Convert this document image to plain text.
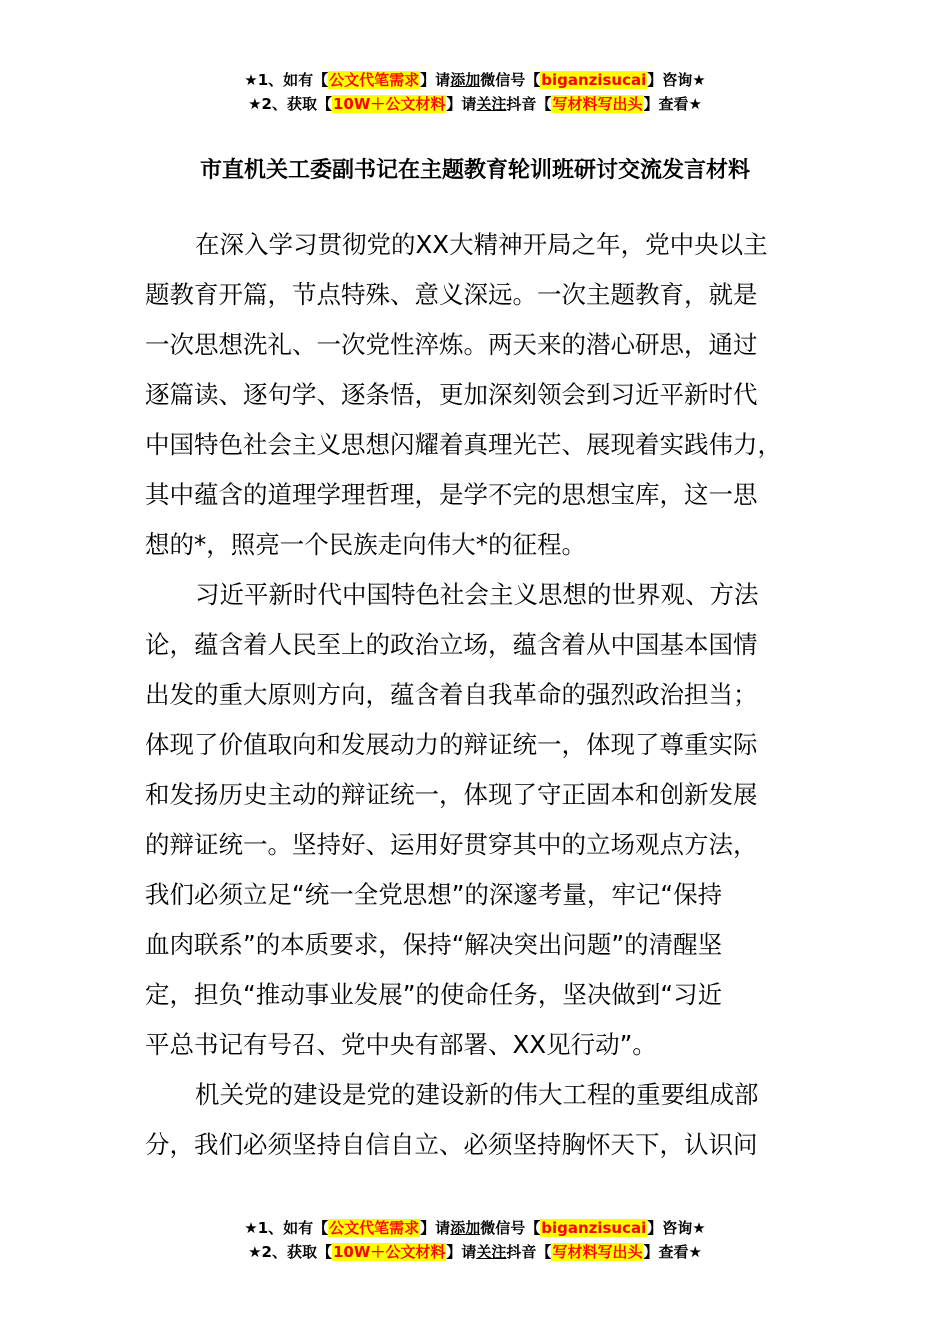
★1、如有【公文代笔需求】请添加微信号【biganzisucai】咨询★
★2、获取【10W＋公文材料】请关注抖音【写材料写出头】查看★
市直机关工委副书记在主题教育轮训班研讨交流发言材料
在深入学习贯彻党的XX大精神开局之年，党中央以主
题教育开篇，节点特殊、意义深远。一次主题教育，就是
一次思想洗礼、一次党性淬炼。两天来的潜心研思，通过
逐篇读、逐句学、逐条悟，更加深刻领会到习近平新时代
中国特色社会主义思想闪耀着真理光芒、展现着实践伟力，
其中蕴含的道理学理哲理，是学不完的思想宝库，这一思
想的*，照亮一个民族走向伟大*的征程。
习近平新时代中国特色社会主义思想的世界观、方法
论，蕴含着人民至上的政治立场，蕴含着从中国基本国情
出发的重大原则方向，蕴含着自我革命的强烈政治担当；
体现了价值取向和发展动力的辩证统一，体现了尊重实际
和发扬历史主动的辩证统一，体现了守正固本和创新发展
的辩证统一。坚持好、运用好贯穿其中的立场观点方法，
我们必须立足“统一全党思想”的深邃考量，牢记“保持
血肉联系”的本质要求，保持“解决突出问题”的清醒坚
定，担负“推动事业发展”的使命任务，坚决做到“习近
平总书记有号召、党中央有部署、XX见行动”。
机关党的建设是党的建设新的伟大工程的重要组成部
分，我们必须坚持自信自立、必须坚持胸怀天下，认识问
★1、如有【公文代笔需求】请添加微信号【biganzisucai】咨询★
★2、获取【10W＋公文材料】请关注抖音【写材料写出头】查看★
